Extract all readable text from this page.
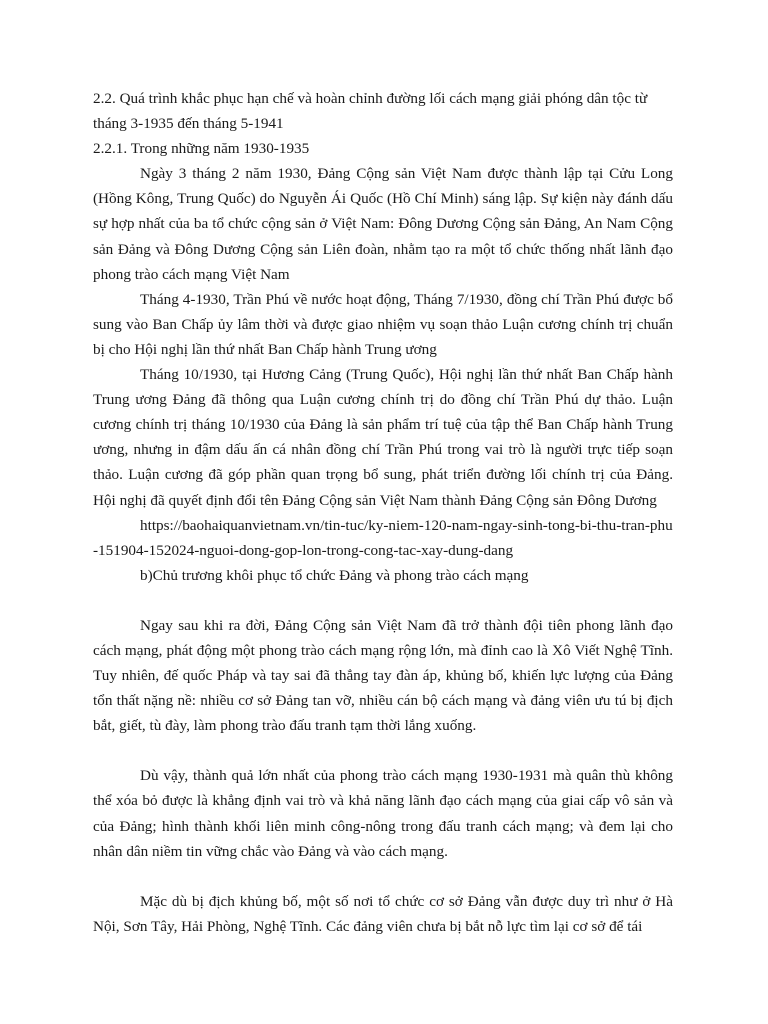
2.2. Quá trình khắc phục hạn chế và hoàn chỉnh đường lối cách mạng giải phóng dân tộc từ tháng 3-1935 đến tháng 5-1941

2.2.1. Trong những năm 1930-1935

Ngày 3 tháng 2 năm 1930, Đảng Cộng sản Việt Nam được thành lập tại Cửu Long (Hồng Kông, Trung Quốc) do Nguyễn Ái Quốc (Hồ Chí Minh) sáng lập. Sự kiện này đánh dấu sự hợp nhất của ba tổ chức cộng sản ở Việt Nam: Đông Dương Cộng sản Đảng, An Nam Cộng sản Đảng và Đông Dương Cộng sản Liên đoàn, nhằm tạo ra một tổ chức thống nhất lãnh đạo phong trào cách mạng Việt Nam

Tháng 4-1930, Trần Phú về nước hoạt động, Tháng 7/1930, đồng chí Trần Phú được bổ sung vào Ban Chấp ủy lâm thời và được giao nhiệm vụ soạn thảo Luận cương chính trị chuẩn bị cho Hội nghị lần thứ nhất Ban Chấp hành Trung ương

Tháng 10/1930, tại Hương Cảng (Trung Quốc), Hội nghị lần thứ nhất Ban Chấp hành Trung ương Đảng đã thông qua Luận cương chính trị do đồng chí Trần Phú dự thảo. Luận cương chính trị tháng 10/1930 của Đảng là sản phẩm trí tuệ của tập thể Ban Chấp hành Trung ương, nhưng in đậm dấu ấn cá nhân đồng chí Trần Phú trong vai trò là người trực tiếp soạn thảo. Luận cương đã góp phần quan trọng bổ sung, phát triển đường lối chính trị của Đảng. Hội nghị đã quyết định đổi tên Đảng Cộng sản Việt Nam thành Đảng Cộng sản Đông Dương

https://baohaiquanvietnam.vn/tin-tuc/ky-niem-120-nam-ngay-sinh-tong-bi-thu-tran-phu-151904-152024-nguoi-dong-gop-lon-trong-cong-tac-xay-dung-dang

b)Chủ trương khôi phục tổ chức Đảng và phong trào cách mạng

Ngay sau khi ra đời, Đảng Cộng sản Việt Nam đã trở thành đội tiên phong lãnh đạo cách mạng, phát động một phong trào cách mạng rộng lớn, mà đỉnh cao là Xô Viết Nghệ Tĩnh. Tuy nhiên, đế quốc Pháp và tay sai đã thẳng tay đàn áp, khủng bố, khiến lực lượng của Đảng tổn thất nặng nề: nhiều cơ sở Đảng tan vỡ, nhiều cán bộ cách mạng và đảng viên ưu tú bị địch bắt, giết, tù đày, làm phong trào đấu tranh tạm thời lắng xuống.

Dù vậy, thành quả lớn nhất của phong trào cách mạng 1930-1931 mà quân thù không thể xóa bỏ được là khẳng định vai trò và khả năng lãnh đạo cách mạng của giai cấp vô sản và của Đảng; hình thành khối liên minh công-nông trong đấu tranh cách mạng; và đem lại cho nhân dân niềm tin vững chắc vào Đảng và vào cách mạng.

Mặc dù bị địch khủng bố, một số nơi tổ chức cơ sở Đảng vẫn được duy trì như ở Hà Nội, Sơn Tây, Hải Phòng, Nghệ Tĩnh. Các đảng viên chưa bị bắt nỗ lực tìm lại cơ sở để tái
